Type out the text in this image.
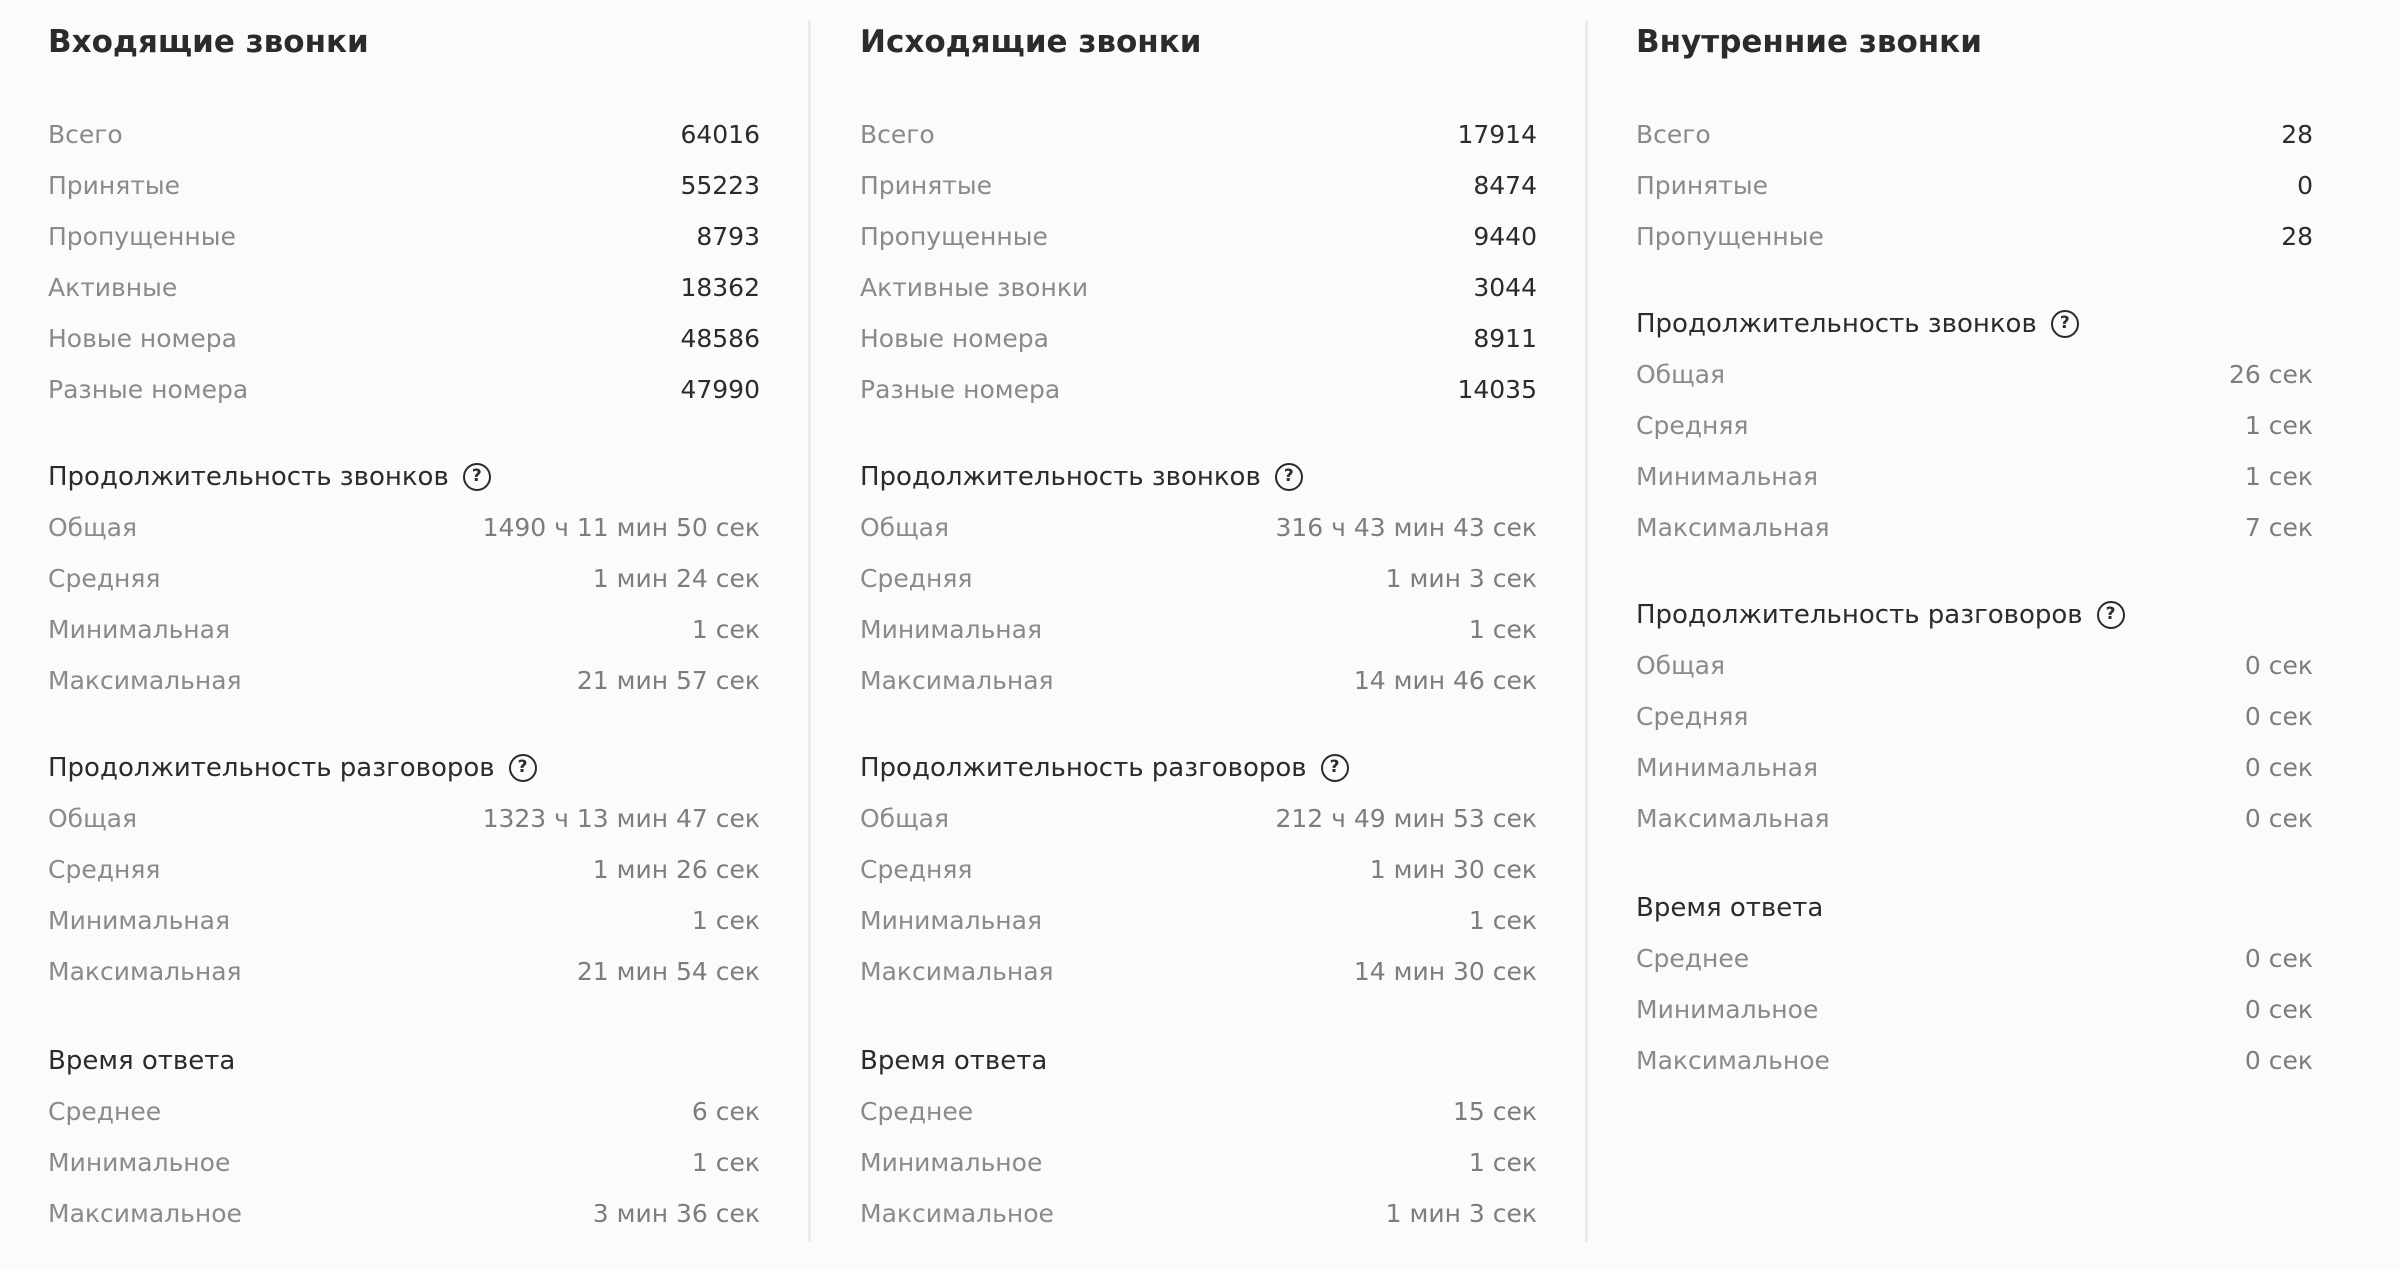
Входящие звонки
Всего	64016
Принятые	55223
Пропущенные	8793
Активные	18362
Новые номера	48586
Разные номера	47990
Продолжительность звонков	?
Общая	1490 ч 11 мин 50 сек
Средняя	1 мин 24 сек
Минимальная	1 сек
Максимальная	21 мин 57 сек
Продолжительность разговоров	?
Общая	1323 ч 13 мин 47 сек
Средняя	1 мин 26 сек
Минимальная	1 сек
Максимальная	21 мин 54 сек
Время ответа
Среднее	6 сек
Минимальное	1 сек
Максимальное	3 мин 36 сек
Исходящие звонки
Всего	17914
Принятые	8474
Пропущенные	9440
Активные звонки	3044
Новые номера	8911
Разные номера	14035
Продолжительность звонков	?
Общая	316 ч 43 мин 43 сек
Средняя	1 мин 3 сек
Минимальная	1 сек
Максимальная	14 мин 46 сек
Продолжительность разговоров	?
Общая	212 ч 49 мин 53 сек
Средняя	1 мин 30 сек
Минимальная	1 сек
Максимальная	14 мин 30 сек
Время ответа
Среднее	15 сек
Минимальное	1 сек
Максимальное	1 мин 3 сек
Внутренние звонки
Всего	28
Принятые	0
Пропущенные	28
Продолжительность звонков	?
Общая	26 сек
Средняя	1 сек
Минимальная	1 сек
Максимальная	7 сек
Продолжительность разговоров	?
Общая	0 сек
Средняя	0 сек
Минимальная	0 сек
Максимальная	0 сек
Время ответа
Среднее	0 сек
Минимальное	0 сек
Максимальное	0 сек
